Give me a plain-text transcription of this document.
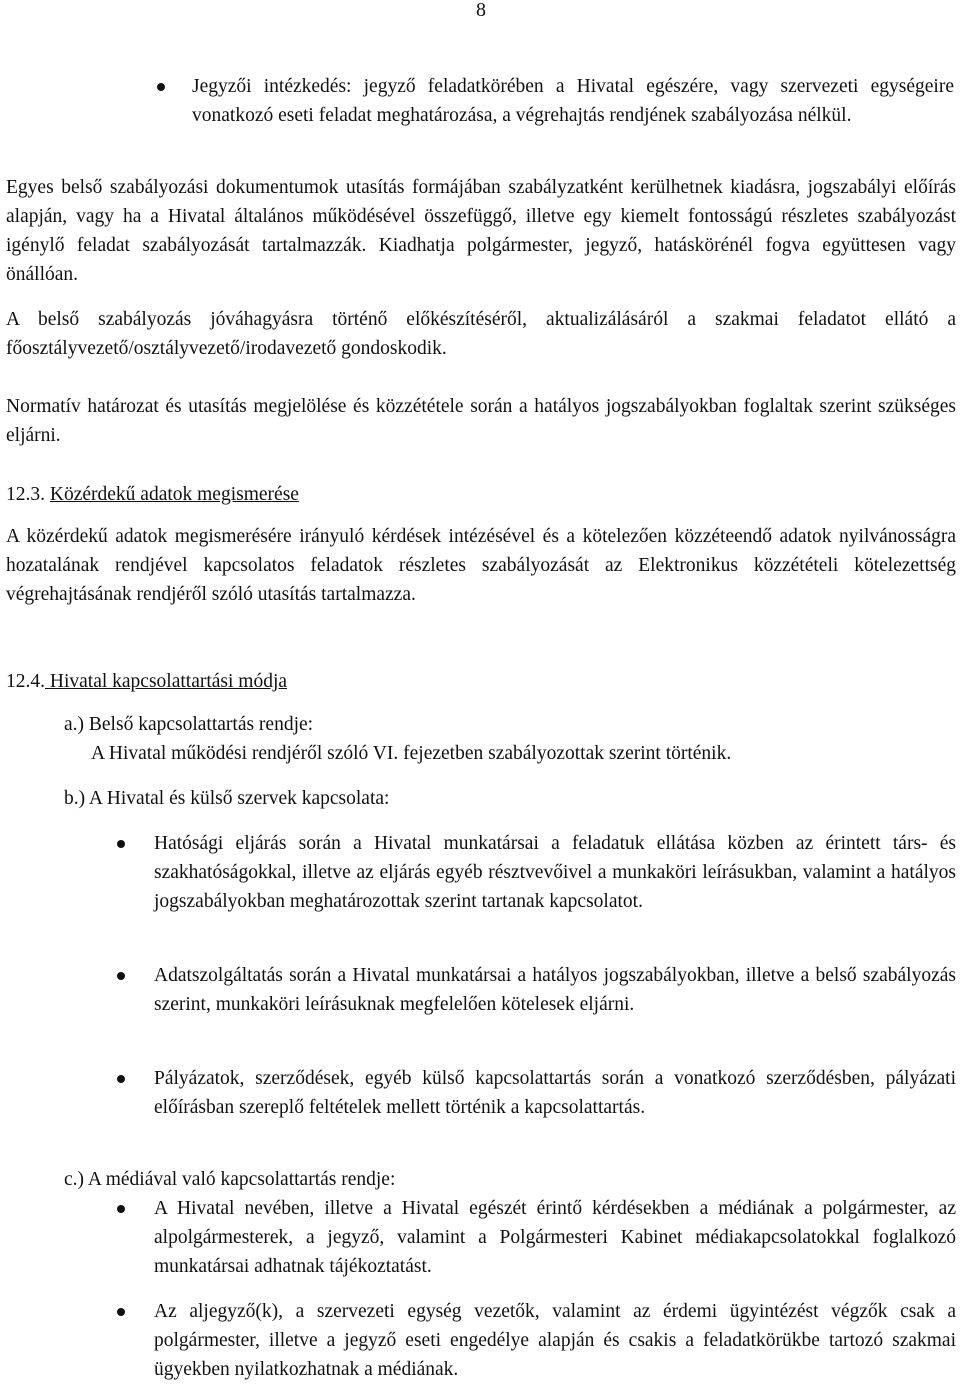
8

Jegyzői intézkedés: jegyző feladatkörében a Hivatal egészére, vagy szervezeti egységeire vonatkozó eseti feladat meghatározása, a végrehajtás rendjének szabályozása nélkül.

Egyes belső szabályozási dokumentumok utasítás formájában szabályzatként kerülhetnek kiadásra, jogszabályi előírás alapján, vagy ha a Hivatal általános működésével összefüggő, illetve egy kiemelt fontosságú részletes szabályozást igénylő feladat szabályozását tartalmazzák. Kiadhatja polgármester, jegyző, hatáskörénél fogva együttesen vagy önállóan.

A belső szabályozás jóváhagyásra történő előkészítéséről, aktualizálásáról a szakmai feladatot ellátó a főosztályvezető/osztályvezető/irodavezető gondoskodik.

Normatív határozat és utasítás megjelölése és közzététele során a hatályos jogszabályokban foglaltak szerint szükséges eljárni.

12.3. Közérdekű adatok megismerése

A közérdekű adatok megismerésére irányuló kérdések intézésével és a kötelezően közzéteendő adatok nyilvánosságra hozatalának rendjével kapcsolatos feladatok részletes szabályozását az Elektronikus közzétételi kötelezettség végrehajtásának rendjéről szóló utasítás tartalmazza.

12.4. Hivatal kapcsolattartási módja

a.) Belső kapcsolattartás rendje:

A Hivatal működési rendjéről szóló VI. fejezetben szabályozottak szerint történik.

b.) A Hivatal és külső szervek kapcsolata:

Hatósági eljárás során a Hivatal munkatársai a feladatuk ellátása közben az érintett társ- és szakhatóságokkal, illetve az eljárás egyéb résztvevőivel a munkaköri leírásukban, valamint a hatályos jogszabályokban meghatározottak szerint tartanak kapcsolatot.

Adatszolgáltatás során a Hivatal munkatársai a hatályos jogszabályokban, illetve a belső szabályozás szerint, munkaköri leírásuknak megfelelően kötelesek eljárni.

Pályázatok, szerződések, egyéb külső kapcsolattartás során a vonatkozó szerződésben, pályázati előírásban szereplő feltételek mellett történik a kapcsolattartás.

c.) A médiával való kapcsolattartás rendje:

A Hivatal nevében, illetve a Hivatal egészét érintő kérdésekben a médiának a polgármester, az alpolgármesterek, a jegyző, valamint a Polgármesteri Kabinet médiakapcsolatokkal foglalkozó munkatársai adhatnak tájékoztatást.

Az aljegyző(k), a szervezeti egység vezetők, valamint az érdemi ügyintézést végzők csak a polgármester, illetve a jegyző eseti engedélye alapján és csakis a feladatkörükbe tartozó szakmai ügyekben nyilatkozhatnak a médiának.
